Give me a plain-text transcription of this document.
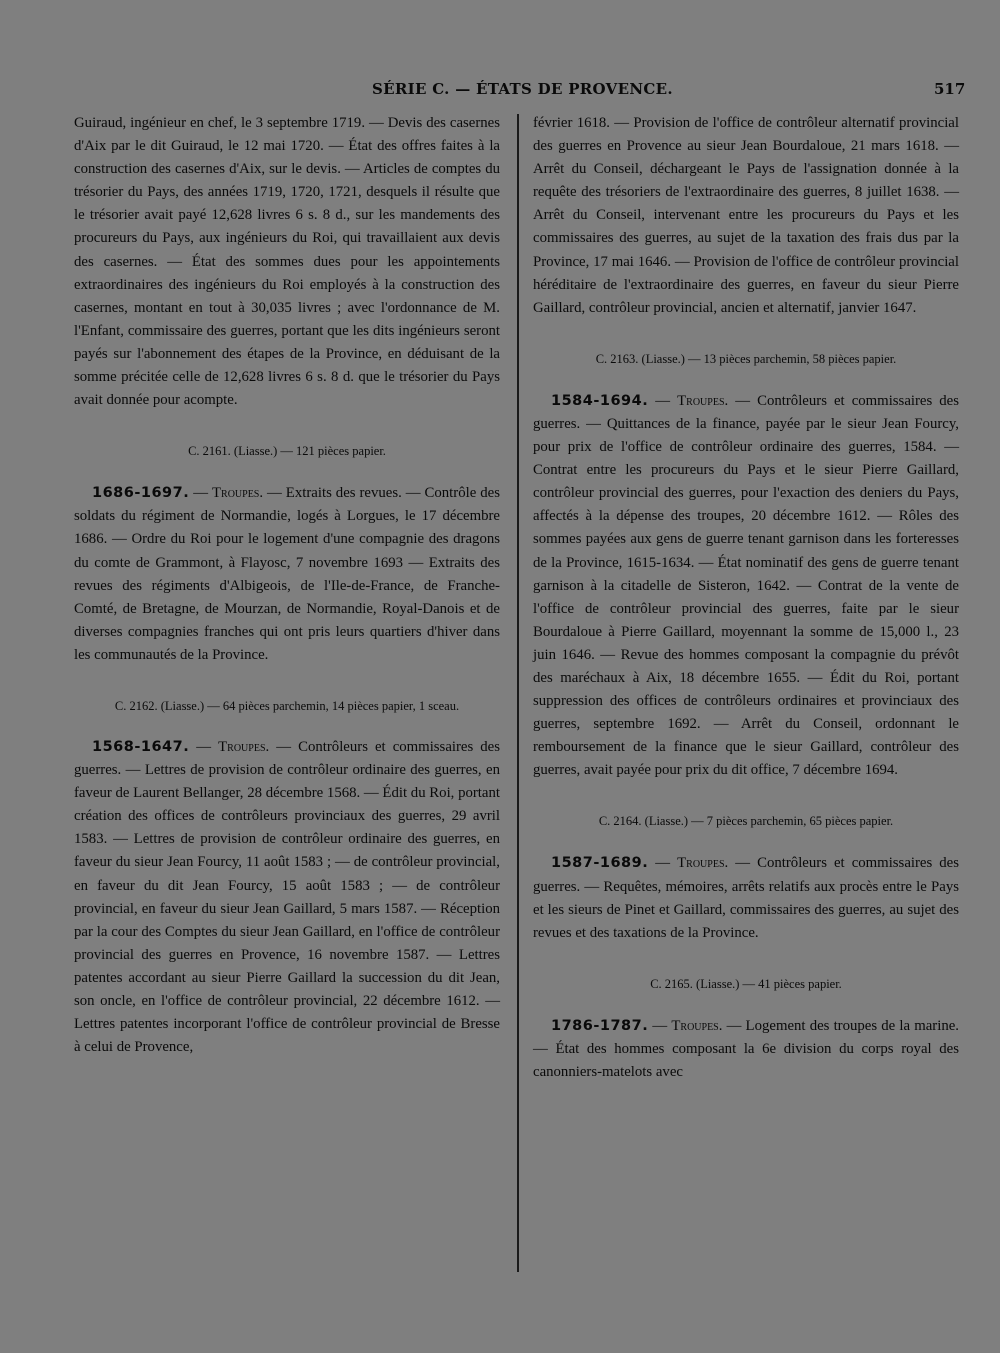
SÉRIE C. — ÉTATS DE PROVENCE.	517

Guiraud, ingénieur en chef, le 3 septembre 1719. — Devis des casernes d'Aix par le dit Guiraud, le 12 mai 1720. — État des offres faites à la construction des casernes d'Aix, sur le devis. — Articles de comptes du trésorier du Pays, des années 1719, 1720, 1721, desquels il résulte que le trésorier avait payé 12,628 livres 6 s. 8 d., sur les mandements des procureurs du Pays, aux ingénieurs du Roi, qui travaillaient aux devis des casernes. — État des sommes dues pour les appointements extraordinaires des ingénieurs du Roi employés à la construction des casernes, montant en tout à 30,035 livres ; avec l'ordonnance de M. l'Enfant, commissaire des guerres, portant que les dits ingénieurs seront payés sur l'abonnement des étapes de la Province, en déduisant de la somme précitée celle de 12,628 livres 6 s. 8 d. que le trésorier du Pays avait donnée pour acompte.

C. 2161. (Liasse.) — 121 pièces papier.

1686-1697. — Troupes. — Extraits des revues. — Contrôle des soldats du régiment de Normandie, logés à Lorgues, le 17 décembre 1686. — Ordre du Roi pour le logement d'une compagnie des dragons du comte de Grammont, à Flayosc, 7 novembre 1693 — Extraits des revues des régiments d'Albigeois, de l'Ile-de-France, de Franche-Comté, de Bretagne, de Mourzan, de Normandie, Royal-Danois et de diverses compagnies franches qui ont pris leurs quartiers d'hiver dans les communautés de la Province.

C. 2162. (Liasse.) — 64 pièces parchemin, 14 pièces papier, 1 sceau.

1568-1647. — Troupes. — Contrôleurs et commissaires des guerres. — Lettres de provision de contrôleur ordinaire des guerres, en faveur de Laurent Bellanger, 28 décembre 1568. — Édit du Roi, portant création des offices de contrôleurs provinciaux des guerres, 29 avril 1583. — Lettres de provision de contrôleur ordinaire des guerres, en faveur du sieur Jean Fourcy, 11 août 1583 ; — de contrôleur provincial, en faveur du dit Jean Fourcy, 15 août 1583 ; — de contrôleur provincial, en faveur du sieur Jean Gaillard, 5 mars 1587. — Réception par la cour des Comptes du sieur Jean Gaillard, en l'office de contrôleur provincial des guerres en Provence, 16 novembre 1587. — Lettres patentes accordant au sieur Pierre Gaillard la succession du dit Jean, son oncle, en l'office de contrôleur provincial, 22 décembre 1612. — Lettres patentes incorporant l'office de contrôleur provincial de Bresse à celui de Provence,

février 1618. — Provision de l'office de contrôleur alternatif provincial des guerres en Provence au sieur Jean Bourdaloue, 21 mars 1618. — Arrêt du Conseil, déchargeant le Pays de l'assignation donnée à la requête des trésoriers de l'extraordinaire des guerres, 8 juillet 1638. — Arrêt du Conseil, intervenant entre les procureurs du Pays et les commissaires des guerres, au sujet de la taxation des frais dus par la Province, 17 mai 1646. — Provision de l'office de contrôleur provincial héréditaire de l'extraordinaire des guerres, en faveur du sieur Pierre Gaillard, contrôleur provincial, ancien et alternatif, janvier 1647.

C. 2163. (Liasse.) — 13 pièces parchemin, 58 pièces papier.

1584-1694. — Troupes. — Contrôleurs et commissaires des guerres. — Quittances de la finance, payée par le sieur Jean Fourcy, pour prix de l'office de contrôleur ordinaire des guerres, 1584. — Contrat entre les procureurs du Pays et le sieur Pierre Gaillard, contrôleur provincial des guerres, pour l'exaction des deniers du Pays, affectés à la dépense des troupes, 20 décembre 1612. — Rôles des sommes payées aux gens de guerre tenant garnison dans les forteresses de la Province, 1615-1634. — État nominatif des gens de guerre tenant garnison à la citadelle de Sisteron, 1642. — Contrat de la vente de l'office de contrôleur provincial des guerres, faite par le sieur Bourdaloue à Pierre Gaillard, moyennant la somme de 15,000 l., 23 juin 1646. — Revue des hommes composant la compagnie du prévôt des maréchaux à Aix, 18 décembre 1655. — Édit du Roi, portant suppression des offices de contrôleurs ordinaires et provinciaux des guerres, septembre 1692. — Arrêt du Conseil, ordonnant le remboursement de la finance que le sieur Gaillard, contrôleur des guerres, avait payée pour prix du dit office, 7 décembre 1694.

C. 2164. (Liasse.) — 7 pièces parchemin, 65 pièces papier.

1587-1689. — Troupes. — Contrôleurs et commissaires des guerres. — Requêtes, mémoires, arrêts relatifs aux procès entre le Pays et les sieurs de Pinet et Gaillard, commissaires des guerres, au sujet des revues et des taxations de la Province.

C. 2165. (Liasse.) — 41 pièces papier.

1786-1787. — Troupes. — Logement des troupes de la marine. — État des hommes composant la 6e division du corps royal des canonniers-matelots avec
